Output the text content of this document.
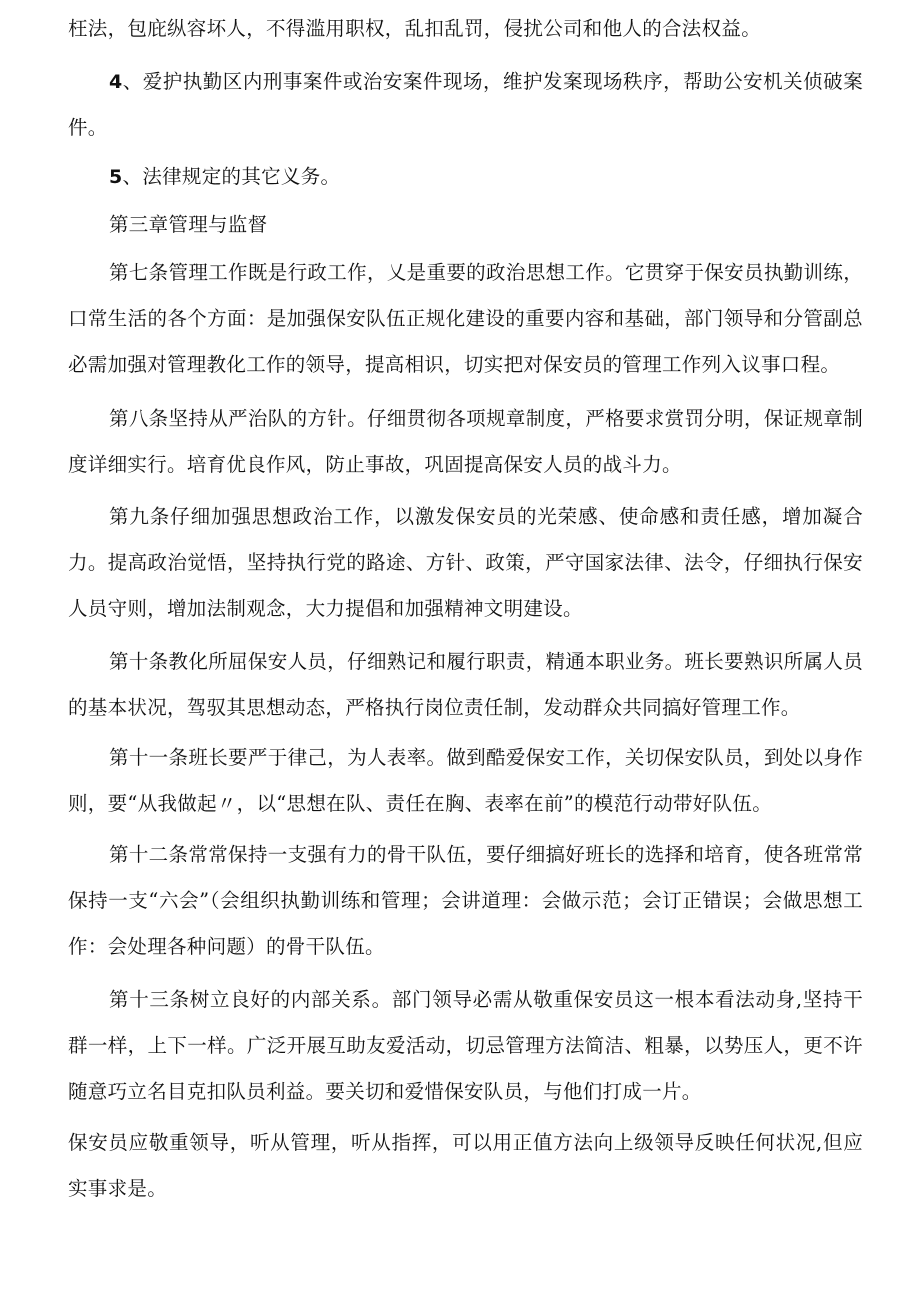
枉法，包庇纵容坏人，不得滥用职权，乱扣乱罚，侵扰公司和他人的合法权益。

4、爱护执勤区内刑事案件或治安案件现场，维护发案现场秩序，帮助公安机关侦破案件。

5、法律规定的其它义务。

第三章管理与监督

第七条管理工作既是行政工作，乂是重要的政治思想工作。它贯穿于保安员执勤训练，口常生活的各个方面：是加强保安队伍正规化建设的重要内容和基础，部门领导和分管副总必需加强对管理教化工作的领导，提高相识，切实把对保安员的管理工作列入议事口程。

第八条坚持从严治队的方针。仔细贯彻各项规章制度，严格要求赏罚分明，保证规章制度详细实行。培育优良作风，防止事故，巩固提高保安人员的战斗力。

第九条仔细加强思想政治工作，以激发保安员的光荣感、使命感和责任感，增加凝合力。提高政治觉悟，坚持执行党的路途、方针、政策，严守国家法律、法令，仔细执行保安人员守则，增加法制观念，大力提倡和加强精神文明建设。

第十条教化所屈保安人员，仔细熟记和履行职责，精通本职业务。班长要熟识所属人员的基本状况，驾驭其思想动态，严格执行岗位责任制，发动群众共同搞好管理工作。

第十一条班长要严于律己，为人表率。做到酷爱保安工作，关切保安队员，到处以身作则，要“从我做起〃，以“思想在队、责任在胸、表率在前”的模范行动带好队伍。

第十二条常常保持一支强有力的骨干队伍，要仔细搞好班长的选择和培育，使各班常常保持一支“六会”（会组织执勤训练和管理；会讲道理：会做示范；会订正错误；会做思想工作：会处理各种问题）的骨干队伍。

第十三条树立良好的内部关系。部门领导必需从敬重保安员这一根本看法动身,坚持干群一样，上下一样。广泛开展互助友爱活动，切忌管理方法简洁、粗暴，以势压人，更不许随意巧立名目克扣队员利益。要关切和爱惜保安队员，与他们打成一片。

保安员应敬重领导，听从管理，听从指挥，可以用正值方法向上级领导反映任何状况,但应实事求是。
